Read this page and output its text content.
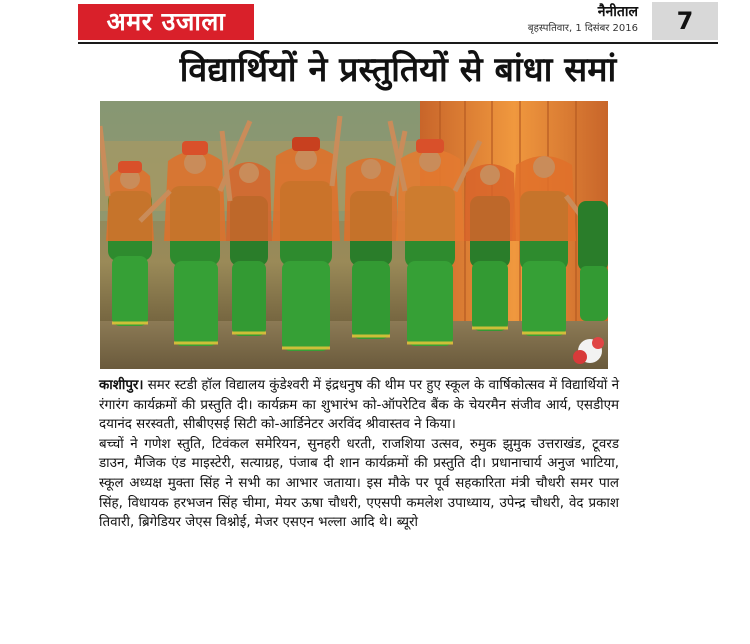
अमर उजाला	नैनीताल
बृहस्पतिवार, 1 दिसंबर 2016	7
विद्यार्थियों ने प्रस्तुतियों से बांधा समां

काशीपुर। समर स्टडी हॉल विद्यालय कुंडेश्वरी में इंद्रधनुष की थीम पर हुए स्कूल के वार्षिकोत्सव में विद्यार्थियों ने रंगारंग कार्यक्रमों की प्रस्तुति दी। कार्यक्रम का शुभारंभ को-ऑपरेटिव बैंक के चेयरमैन संजीव आर्य, एसडीएम दयानंद सरस्वती, सीबीएसई सिटी को-आर्डिनेटर अरविंद श्रीवास्तव ने किया।

बच्चों ने गणेश स्तुति, टिवंकल समेरियन, सुनहरी धरती, राजशिया उत्सव, रुमुक झुमुक उत्तराखंड, टूवरड डाउन, मैजिक एंड माइस्टेरी, सत्याग्रह, पंजाब दी शान कार्यक्रमों की प्रस्तुति दी। प्रधानाचार्य अनुज भाटिया, स्कूल अध्यक्ष मुक्ता सिंह ने सभी का आभार जताया। इस मौके पर पूर्व सहकारिता मंत्री चौधरी समर पाल सिंह, विधायक हरभजन सिंह चीमा, मेयर ऊषा चौधरी, एएसपी कमलेश उपाध्याय, उपेन्द्र चौधरी, वेद प्रकाश तिवारी, ब्रिगेडियर जेएस विश्नोई, मेजर एसएन भल्ला आदि थे। ब्यूरो
